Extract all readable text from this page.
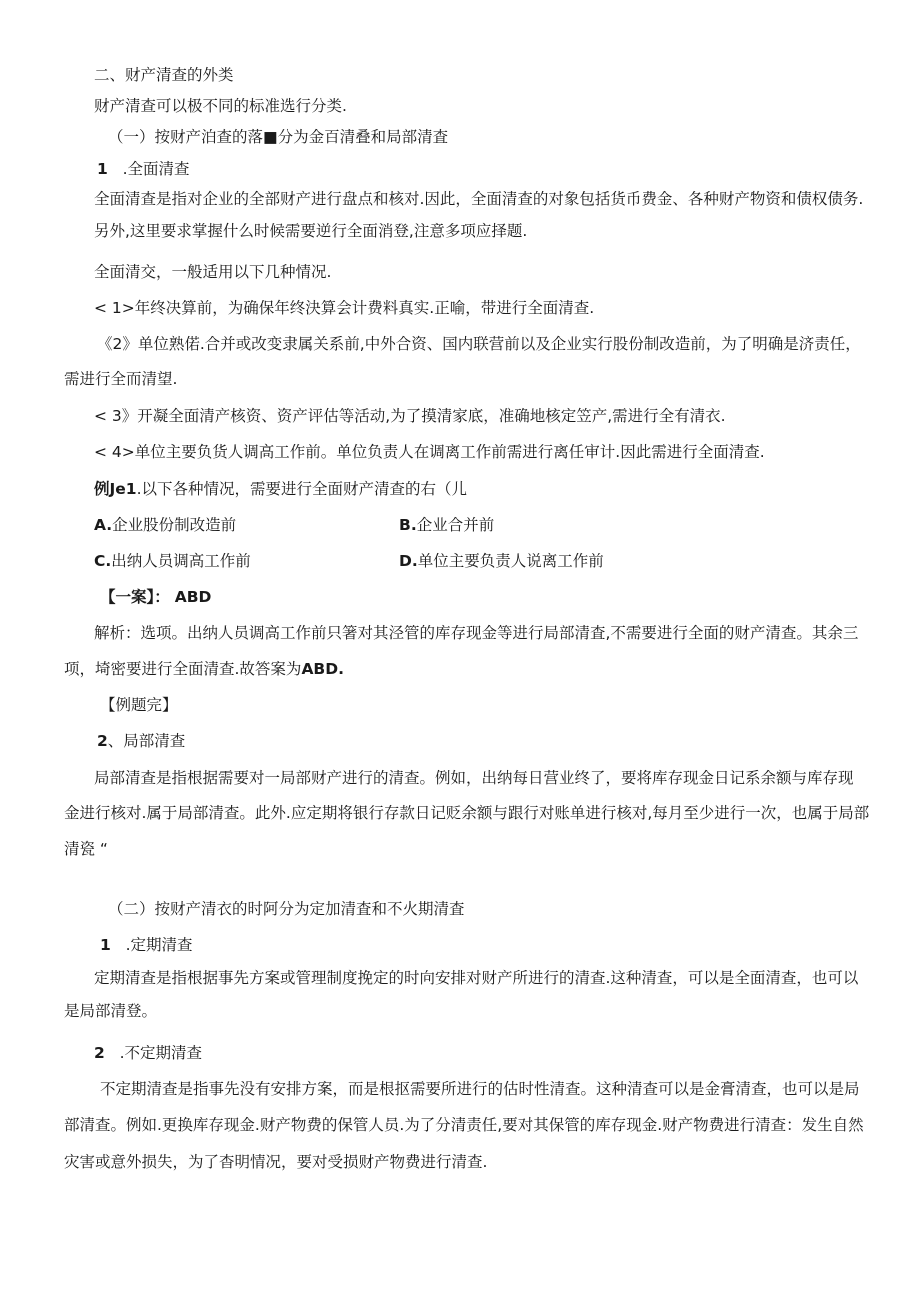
二、财产清查的外类
财产清查可以极不同的标准选行分类.
（一）按财产泊查的落■分为金百清叠和局部清査
1 .全面清查
全面清查是指对企业的全部财产进行盘点和核对.因此，全面清查的对象包括货币费金、各种财产物资和债权债务.
另外,这里要求掌握什么时候需要逆行全面消登,注意多项应择题.
全面清交，一般适用以下几种情况.
< 1>年终决算前，为确保年终決算会计费料真实.正喻，带进行全面清查.
《2》单位熟偌.合并或改变隶属关系前,中外合资、国内联营前以及企业实行股份制改造前，为了明确是济责任，
需进行全而清望.
< 3》开凝全面清产核资、资产评估等活动,为了摸清家底，准确地核定笠产,需进行全有清衣.
< 4>单位主要负货人调高工作前。单位负责人在调离工作前需进行离任审计.因此需进行全面清查.
例Je1.以下各种情况，需要进行全面财产清查的右（儿
A.企业股份制改造前	B.企业合并前
C.出纳人员调高工作前	D.单位主要负责人说离工作前
【一案】： ABD
解析：选项。出纳人员调高工作前只箸对其泾管的库存现金等进行局部清査,不需要进行全面的财产清查。其余三
项，埼密要进行全面清查.故答案为ABD.
【例题完】
2、局部清查
局部清查是指根据需要对一局部财产进行的清查。例如，出纳每日营业终了，要将库存现金日记系余额与库存现
金进行核对.属于局部清查。此外.应定期将银行存款日记贬余额与跟行对账单进行核对,每月至少进行一次，也属于局部
清瓷 “
（二）按财产清衣的时阿分为定加清査和不火期清査
1 .定期清查
定期清查是指根据事先方案或管理制度挽定的时向安排对财产所进行的清查.这种清查，可以是全面清查，也可以
是局部清登。
2 .不定期清查
不定期清查是指事先没有安排方案，而是根抠需要所进行的估时性清查。这种清查可以是金膏清查，也可以是局
部清查。例如.更换库存现金.财产物费的保管人员.为了分清责任,要对其保管的库存现金.财产物费进行清查：发生自然
灾害或意外损失，为了杳明情况，要对受损财产物费进行清查.
